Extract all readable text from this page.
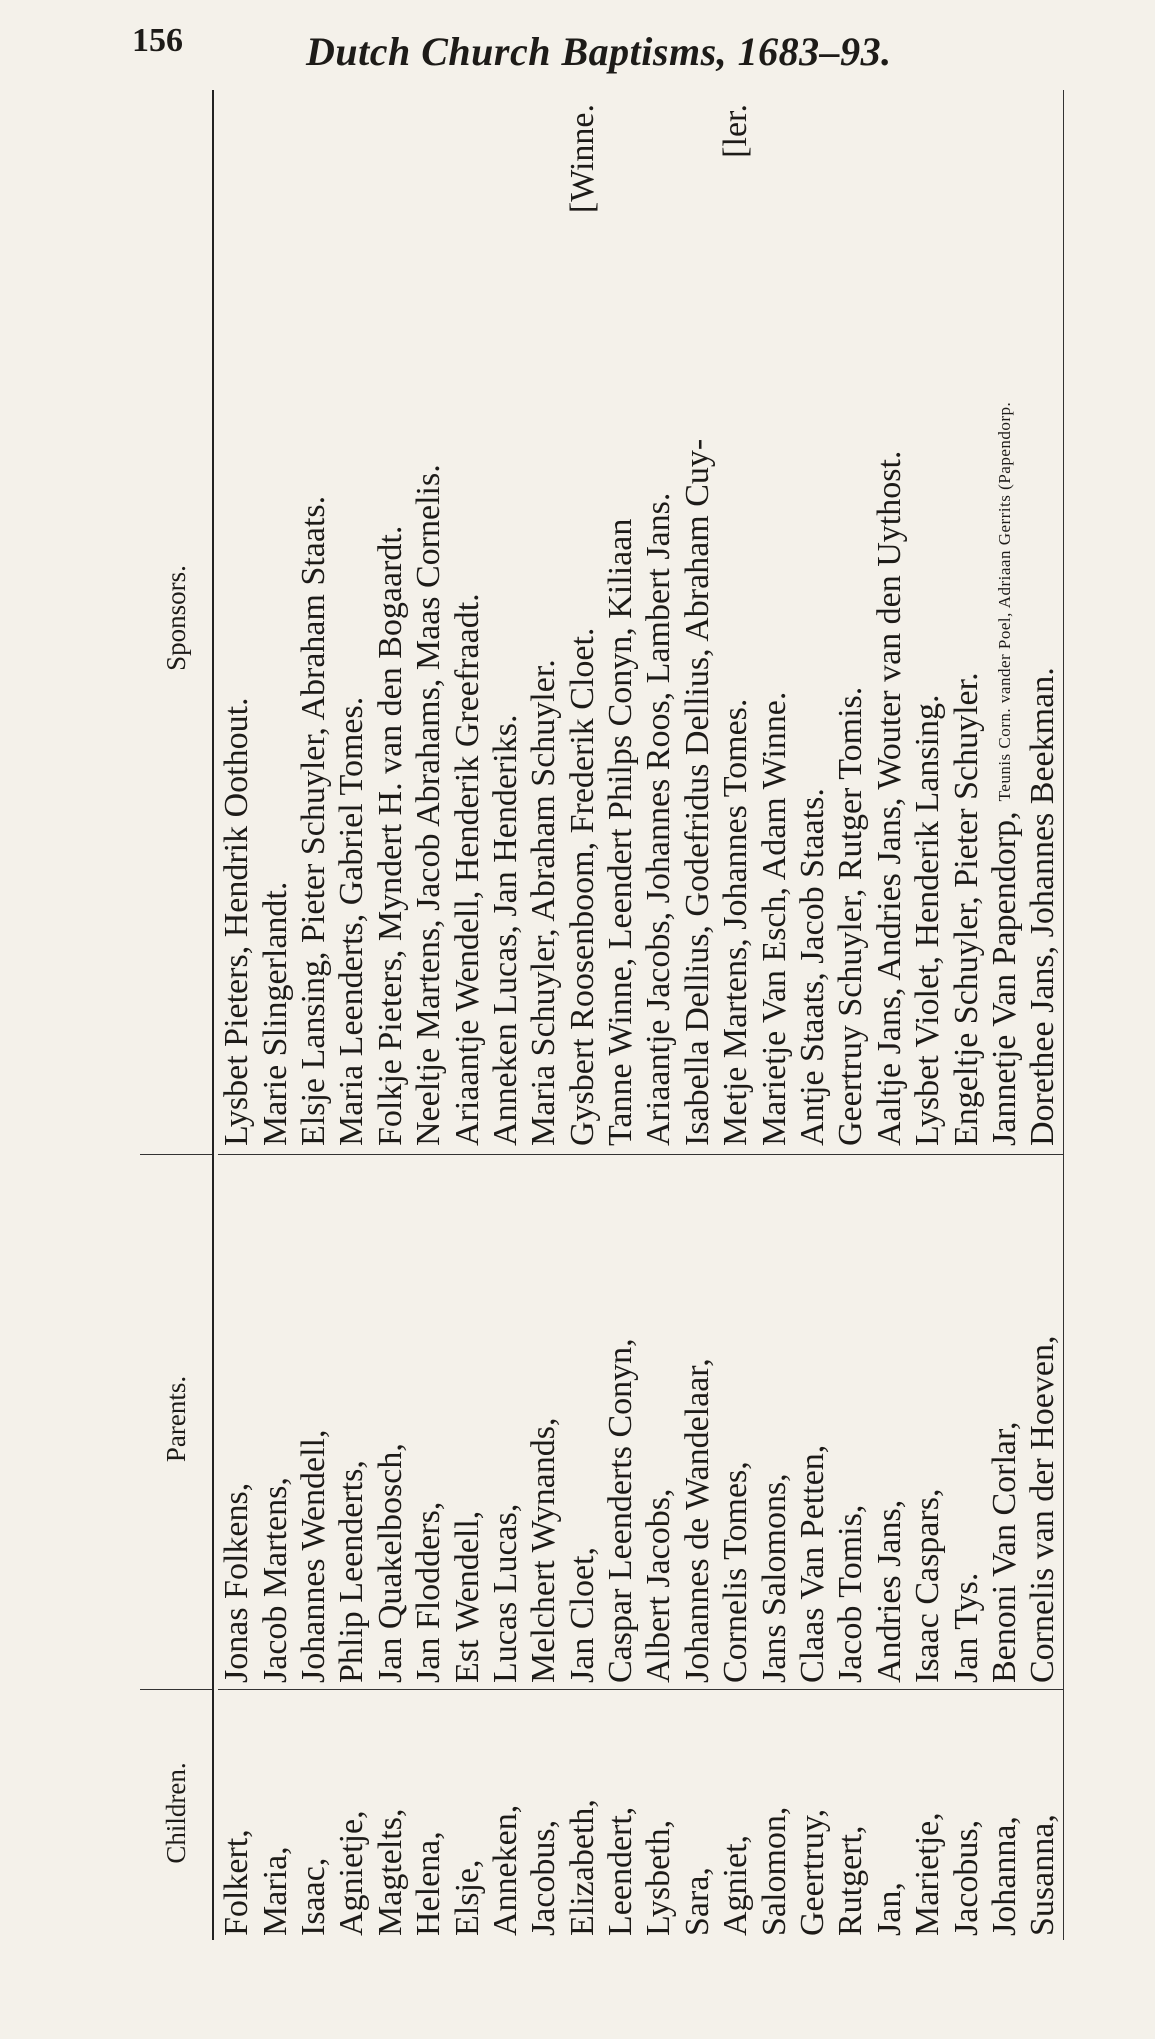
156	Dutch Church Baptisms, 1683–93.
Children.
Parents.
Sponsors.
Folkert,
Jonas Folkens,
Lysbet Pieters, Hendrik Oothout.
Maria,
Jacob Martens,
Marie Slingerlandt.
Isaac,
Johannes Wendell,
Elsje Lansing, Pieter Schuyler, Abraham Staats.
Agnietje,
Phlip Leenderts,
Maria Leenderts, Gabriel Tomes.
Magtelts,
Jan Quakelbosch,
Folkje Pieters, Myndert H. van den Bogaardt.
Helena,
Jan Flodders,
Neeltje Martens, Jacob Abrahams, Maas Cornelis.
Elsje,
Est Wendell,
Ariaantje Wendell, Henderik Greefraadt.
Anneken,
Lucas Lucas,
Anneken Lucas, Jan Henderiks.
Jacobus,
Melchert Wynands,
Maria Schuyler, Abraham Schuyler.
Elizabeth,
Jan Cloet,
Gysbert Roosenboom, Frederik Cloet.
[Winne.
Leendert,
Caspar Leenderts Conyn,
Tanne Winne, Leendert Philps Conyn, Kiliaan
Lysbeth,
Albert Jacobs,
Ariaantje Jacobs, Johannes Roos, Lambert Jans.
Sara,
Johannes de Wandelaar,
Isabella Dellius, Godefridus Dellius, Abraham Cuy-
Agniet,
Cornelis Tomes,
Metje Martens, Johannes Tomes.
[ler.
Salomon,
Jans Salomons,
Marietje Van Esch, Adam Winne.
Geertruy,
Claas Van Petten,
Antje Staats, Jacob Staats.
Rutgert,
Jacob Tomis,
Geertruy Schuyler, Rutger Tomis.
Jan,
Andries Jans,
Aaltje Jans, Andries Jans, Wouter van den Uythost.
Marietje,
Isaac Caspars,
Lysbet Violet, Henderik Lansing.
Jacobus,
Jan Tys.
Engeltje Schuyler, Pieter Schuyler.
Johanna,
Benoni Van Corlar,
Jannetje Van Papendorp,
Teunis Corn. vander Poel, Adriaan Gerrits (Papendorp.
Susanna,
Cornelis van der Hoeven,
Dorethee Jans, Johannes Beekman.
